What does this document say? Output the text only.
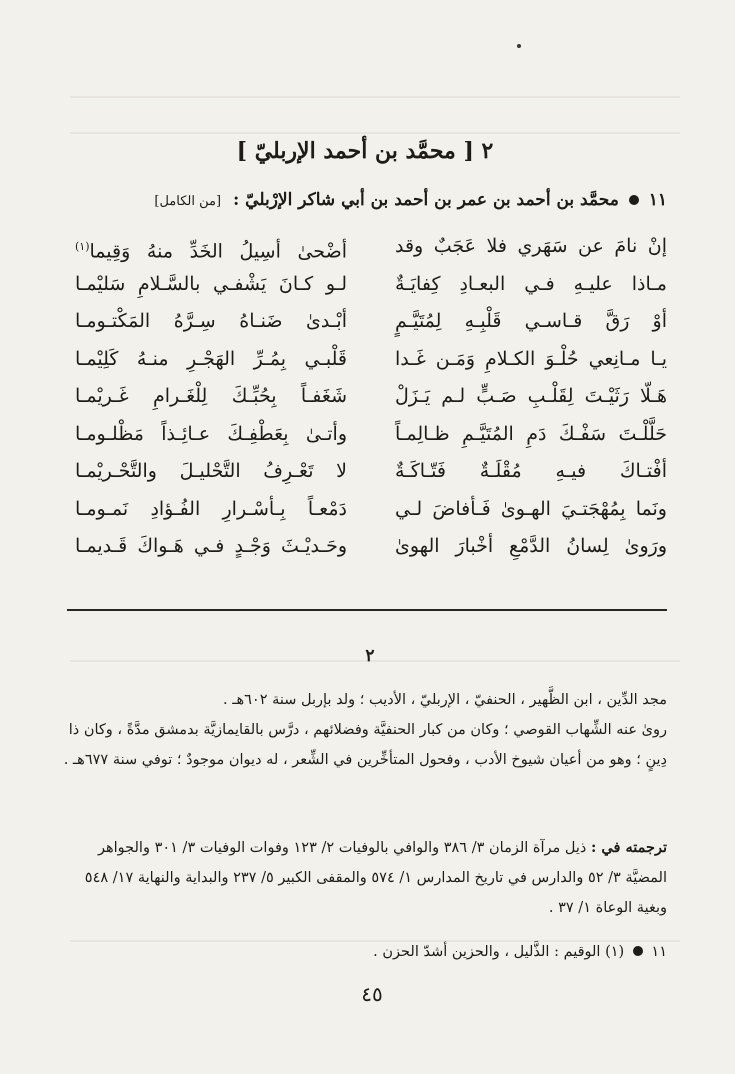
٢ [ محمَّد بن أحمد الإربليّ ]
١١  محمَّد بن أحمد بن عمر بن أحمد بن أبي شاكر الإرْبليّ : [من الكامل]
إنْ نامَ عن سَهَري فلا عَجَبٌ وقد
أضْحىٰ أسِيلُ الخَدِّ منهُ وَقِيما$^{(١)}$
مـاذا عليـهِ فـي البعـادِ كِفايَـةٌ
لـو كـانَ يَشْفـي بالسَّـلامِ سَليْمـا
أوْ رَقَّ قـاسـي قَلْبِـهِ لِمُتَيَّـمٍ
أبْـدىٰ ضَنـاهُ سِـرَّهُ المَكْتـومـا
يـا مـانِعي حُلْـوَ الكـلامِ وَمَـن غَـدا
قَلْبـي بِمُـرِّ الهَجْـرِ منـهُ كَلِيْمـا
هَـلّا رَثَيْـتَ لِقَلْـبِ صَـبٍّ لـم يَـزَلْ
شَغَفـاً بِحُبِّـكَ لِلْغَـرامِ غَـريْمـا
حَلَّلْـتَ سَفْـكَ دَمِ المُتَيَّـمِ ظـالِمـاً
وأتـىٰ بِعَطْفِـكَ عـائِـذاً مَظْلـومـا
أفْتـاكَ فيـهِ مُقْلَـةٌ فَتّـاكَـةٌ
لا تَعْـرِفُ التَّحْليـلَ والتَّحْـريْمـا
ونَما بِمُهْجَتـيَ الهـوىٰ فَـأفاضَ لـي
دَمْعـاً بِـأسْـرارِ الفُـؤادِ نَمـومـا
ورَوىٰ لِسانُ الدَّمْعِ أخْبارَ الهوىٰ
وحَـديْـثَ وَجْـدٍ فـي هَـواكَ قَـديمـا
٢

مجد الدِّين ، ابن الظَّهير ، الحنفيّ ، الإربليّ ، الأديب ؛ ولد بإربل سنة ٦٠٢هـ .

رویٰ عنه الشِّهاب القوصي ؛ وكان من كبار الحنفيَّة وفضلائهم ، درَّس بالقايمازيَّة بدمشق مدَّةً ، وكان ذا دِينٍ ؛ وهو من أعيان شيوخ الأدب ، وفحول المتأخِّرين في الشِّعر ، له ديوان موجودٌ ؛ توفي سنة ٦٧٧هـ .

ترجمته في : ذيل مرآة الزمان ٣/ ٣٨٦ والوافي بالوفيات ٢/ ١٢٣ وفوات الوفيات ٣/ ٣٠١ والجواهر المضيَّة ٣/ ٥٢ والدارس في تاريخ المدارس ١/ ٥٧٤ والمقفى الكبير ٥/ ٢٣٧ والبداية والنهاية ١٧/ ٥٤٨ وبغية الوعاة ١/ ٣٧ .

١١  (١) الوقيم : الذَّليل ، والحزين أشدّ الحزن .

٤٥
